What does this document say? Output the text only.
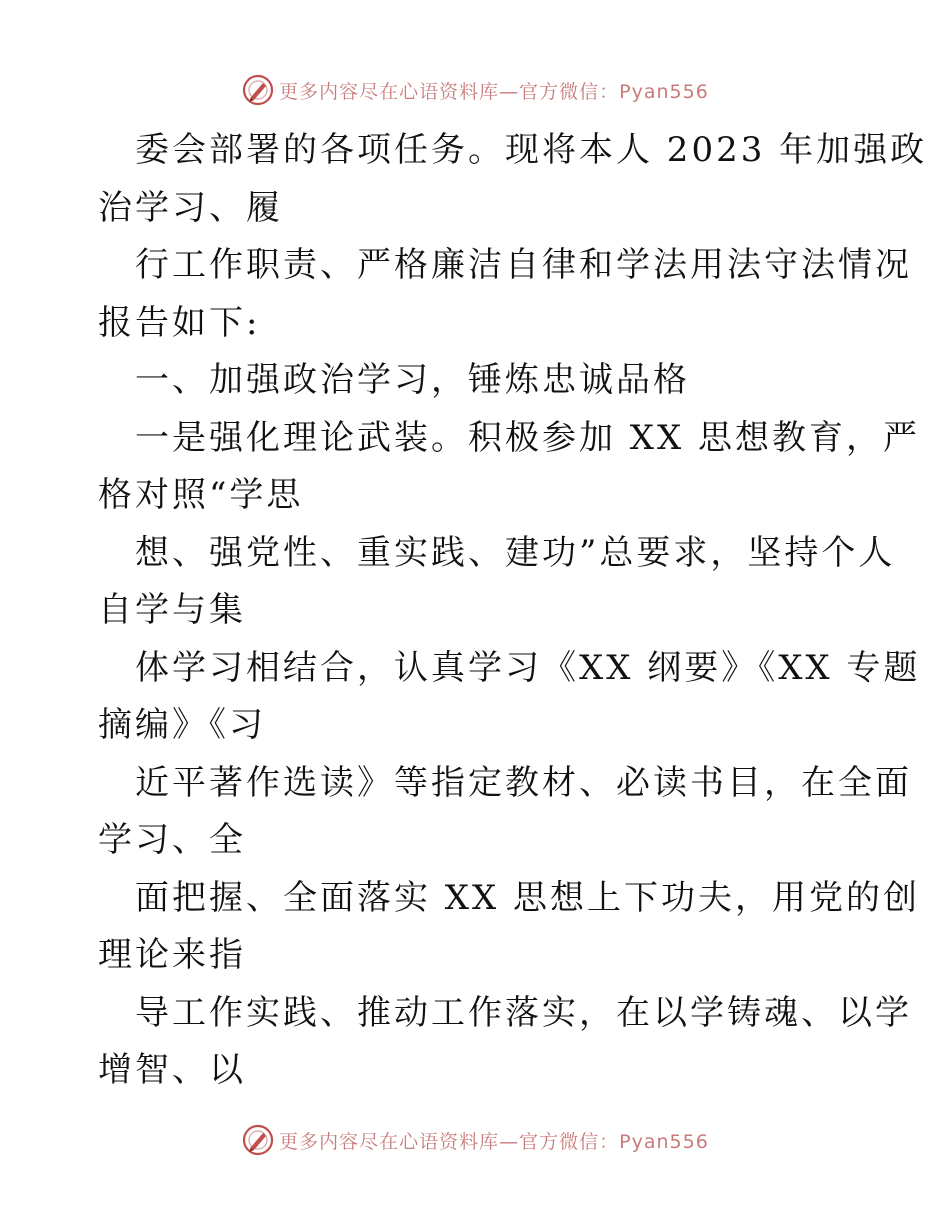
更多内容尽在心语资料库—官方微信：Pyan556
委会部署的各项任务。现将本人 2023 年加强政
治学习、履
行工作职责、严格廉洁自律和学法用法守法情况
报告如下:
一、加强政治学习，锤炼忠诚品格
一是强化理论武装。积极参加 XX 思想教育，严
格对照“学思
想、强党性、重实践、建功”总要求，坚持个人
自学与集
体学习相结合，认真学习《XX 纲要》《XX 专题
摘编》《习
近平著作选读》等指定教材、必读书目，在全面
学习、全
面把握、全面落实 XX 思想上下功夫，用党的创
理论来指
导工作实践、推动工作落实，在以学铸魂、以学
增智、以
更多内容尽在心语资料库—官方微信：Pyan556
